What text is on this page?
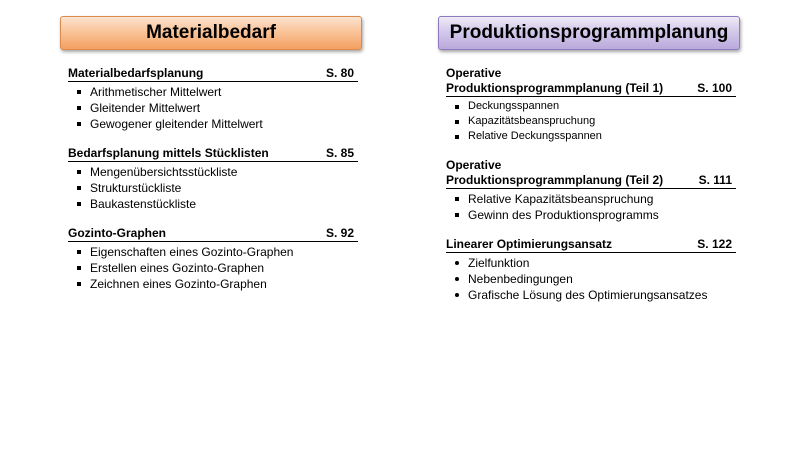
Materialbedarf	Produktionsprogrammplanung
Materialbedarfsplanung	S. 80
Arithmetischer Mittelwert
Gleitender Mittelwert
Gewogener gleitender Mittelwert
Bedarfsplanung mittels Stücklisten	S. 85
Mengenübersichtsstückliste
Strukturstückliste
Baukastenstückliste
Gozinto-Graphen	S. 92
Eigenschaften eines Gozinto-Graphen
Erstellen eines Gozinto-Graphen
Zeichnen eines Gozinto-Graphen
Operative
Produktionsprogrammplanung (Teil 1)	S. 100
Deckungsspannen
Kapazitätsbeanspruchung
Relative Deckungsspannen
Operative
Produktionsprogrammplanung (Teil 2)	S. 111
Relative Kapazitätsbeanspruchung
Gewinn des Produktionsprogramms
Linearer Optimierungsansatz	S. 122
Zielfunktion
Nebenbedingungen
Grafische Lösung des Optimierungsansatzes
